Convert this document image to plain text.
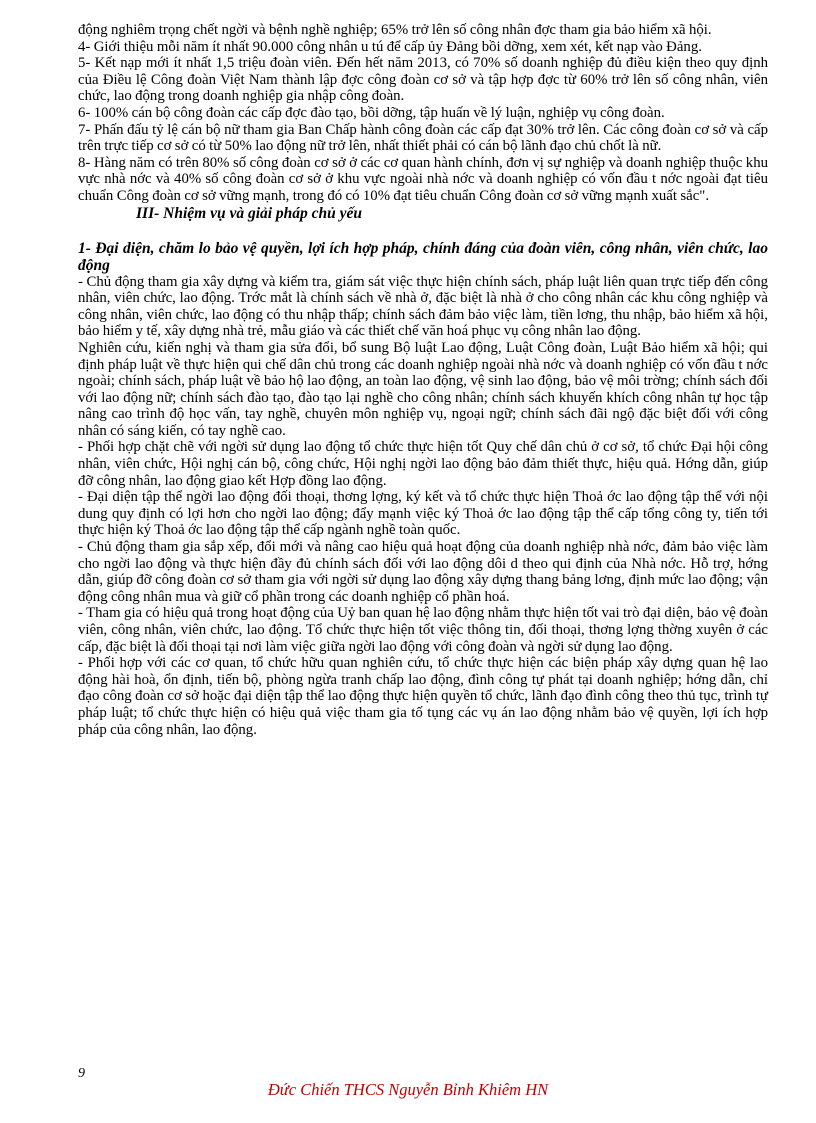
động nghiêm trọng chết ngời và bệnh nghề nghiệp; 65% trở lên số công nhân đợc tham gia bảo hiểm xã hội.

4- Giới thiệu mỗi năm ít nhất 90.000 công nhân u tú để cấp ủy Đảng bồi dỡng, xem xét, kết nạp vào Đảng.

5- Kết nạp mới ít nhất 1,5 triệu đoàn viên. Đến hết năm 2013, có 70% số doanh nghiệp đủ điều kiện theo quy định của Điều lệ Công đoàn Việt Nam thành lập đợc công đoàn cơ sở và tập hợp đợc từ 60% trở lên số công nhân, viên chức, lao động trong doanh nghiệp gia nhập công đoàn.

6- 100% cán bộ công đoàn các cấp đợc đào tạo, bồi dỡng, tập huấn về lý luận, nghiệp vụ công đoàn.

7- Phấn đấu tỷ lệ cán bộ nữ tham gia Ban Chấp hành công đoàn các cấp đạt 30% trở lên. Các công đoàn cơ sở và cấp trên trực tiếp cơ sở có từ 50% lao động nữ trở lên, nhất thiết phải có cán bộ lãnh đạo chủ chốt là nữ.

8- Hàng năm có trên 80% số công đoàn cơ sở ở các cơ quan hành chính, đơn vị sự nghiệp và doanh nghiệp thuộc khu vực nhà nớc và 40% số công đoàn cơ sở ở khu vực ngoài nhà nớc và doanh nghiệp có vốn đầu t nớc ngoài đạt tiêu chuẩn Công đoàn cơ sở vững mạnh, trong đó có 10% đạt tiêu chuẩn Công đoàn cơ sở vững mạnh xuất sắc".

III- Nhiệm vụ và giải pháp chủ yếu

1- Đại diện, chăm lo bảo vệ quyền, lợi ích hợp pháp, chính đáng của đoàn viên, công nhân, viên chức, lao động

- Chủ động tham gia xây dựng và kiểm tra, giám sát việc thực hiện chính sách, pháp luật liên quan trực tiếp đến công nhân, viên chức, lao động. Trớc mắt là chính sách về nhà ở, đặc biệt là nhà ở cho công nhân các khu công nghiệp và công nhân, viên chức, lao động có thu nhập thấp; chính sách đảm bảo việc làm, tiền lơng, thu nhập, bảo hiểm xã hội, bảo hiểm y tế, xây dựng nhà trẻ, mẫu giáo và các thiết chế văn hoá phục vụ công nhân lao động.

Nghiên cứu, kiến nghị và tham gia sửa đổi, bổ sung Bộ luật Lao động, Luật Công đoàn, Luật Bảo hiểm xã hội; qui định pháp luật về thực hiện qui chế dân chủ trong các doanh nghiệp ngoài nhà nớc và doanh nghiệp có vốn đầu t nớc ngoài; chính sách, pháp luật về bảo hộ lao động, an toàn lao động, vệ sinh lao động, bảo vệ môi trờng; chính sách đối với lao động nữ; chính sách đào tạo, đào tạo lại nghề cho công nhân; chính sách khuyến khích công nhân tự học tập nâng cao trình độ học vấn, tay nghề, chuyên môn nghiệp vụ, ngoại ngữ; chính sách đãi ngộ đặc biệt đối với công nhân có sáng kiến, có tay nghề cao.

- Phối hợp chặt chẽ với ngời sử dụng lao động tổ chức thực hiện tốt Quy chế dân chủ ở cơ sở, tổ chức Đại hội công nhân, viên chức, Hội nghị cán bộ, công chức, Hội nghị ngời lao động bảo đảm thiết thực, hiệu quả. Hớng dẫn, giúp đỡ công nhân, lao động giao kết Hợp đồng lao động.

- Đại diện tập thể ngời lao động đối thoại, thơng lợng, ký kết và tổ chức thực hiện Thoả ớc lao động tập thể với nội dung quy định có lợi hơn cho ngời lao động; đẩy mạnh việc ký Thoả ớc lao động tập thể cấp tổng công ty, tiến tới thực hiện ký Thoả ớc lao động tập thể cấp ngành nghề toàn quốc.

- Chủ động tham gia sắp xếp, đổi mới và nâng cao hiệu quả hoạt động của doanh nghiệp nhà nớc, đảm bảo việc làm cho ngời lao động và thực hiện đầy đủ chính sách đối với lao động dôi d theo qui định của Nhà nớc. Hỗ trợ, hớng dẫn, giúp đỡ công đoàn cơ sở tham gia với ngời sử dụng lao động xây dựng thang bảng lơng, định mức lao động; vận động công nhân mua và giữ cổ phần trong các doanh nghiệp cổ phần hoá.

- Tham gia có hiệu quả trong hoạt động của Uỷ ban quan hệ lao động nhằm thực hiện tốt vai trò đại diện, bảo vệ đoàn viên, công nhân, viên chức, lao động. Tổ chức thực hiện tốt việc thông tin, đối thoại, thơng lợng thờng xuyên ở các cấp, đặc biệt là đối thoại tại nơi làm việc giữa ngời lao động với công đoàn và ngời sử dụng lao động.

- Phối hợp với các cơ quan, tổ chức hữu quan nghiên cứu, tổ chức thực hiện các biện pháp xây dựng quan hệ lao động hài hoà, ổn định, tiến bộ, phòng ngừa tranh chấp lao động, đình công tự phát tại doanh nghiệp; hớng dẫn, chỉ đạo công đoàn cơ sở hoặc đại diện tập thể lao động thực hiện quyền tổ chức, lãnh đạo đình công theo thủ tục, trình tự pháp luật; tổ chức thực hiện có hiệu quả việc tham gia tố tụng các vụ án lao động nhằm bảo vệ quyền, lợi ích hợp pháp của công nhân, lao động.

9
Đức Chiến THCS Nguyễn Bỉnh Khiêm HN
